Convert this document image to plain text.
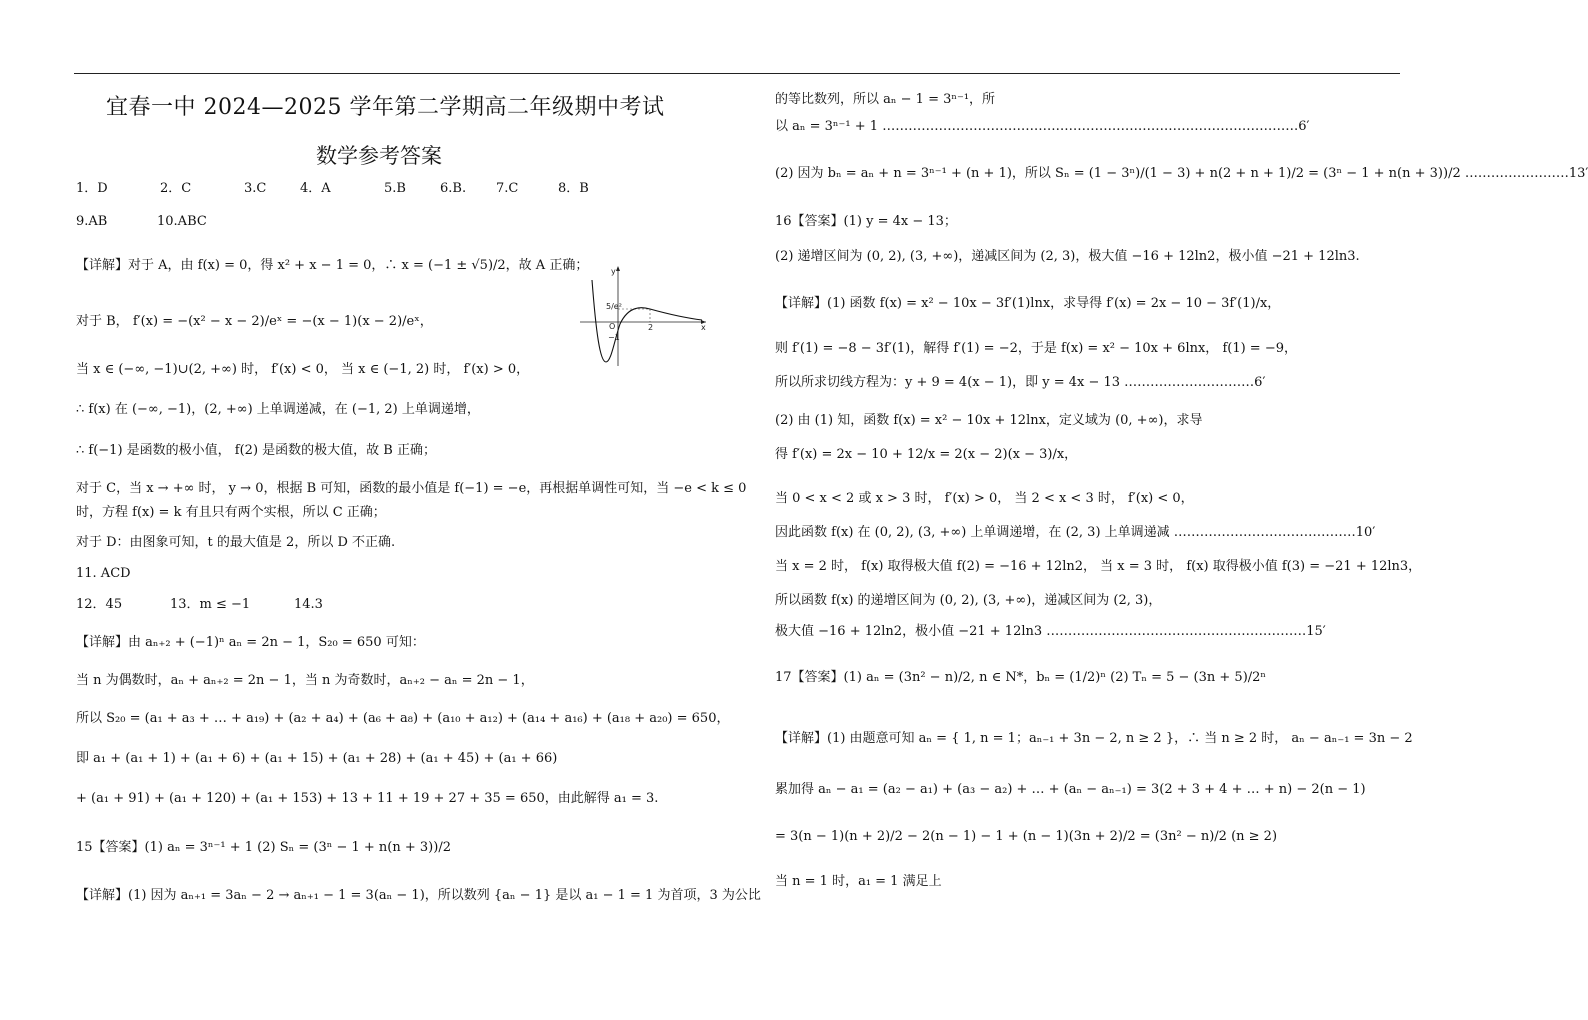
宜春一中 2024—2025 学年第二学期高二年级期中考试
数学参考答案
1．D	2．C	3.C	4．A	5.B	6.B. 7.C	8．B
9.AB	10.ABC
【详解】对于 A，由 f(x) = 0，得 x² + x − 1 = 0，∴ x = (−1 ± √5)/2，故 A 正确；
对于 B， f′(x) = −(x² − x − 2)/eˣ = −(x − 1)(x − 2)/eˣ，
当 x ∈ (−∞, −1)∪(2, +∞) 时， f′(x) < 0， 当 x ∈ (−1, 2) 时， f′(x) > 0，
∴ f(x) 在 (−∞, −1)，(2, +∞) 上单调递减，在 (−1, 2) 上单调递增，
∴ f(−1) 是函数的极小值， f(2) 是函数的极大值，故 B 正确；
对于 C，当 x → +∞ 时， y → 0，根据 B 可知，函数的最小值是 f(−1) = −e，再根据单调性可知，当 −e < k ≤ 0
时，方程 f(x) = k 有且只有两个实根，所以 C 正确；
对于 D：由图象可知，t 的最大值是 2，所以 D 不正确.
11. ACD
12．45	13．m ≤ −1	14.3
【详解】由 aₙ₊₂ + (−1)ⁿ aₙ = 2n − 1，S₂₀ = 650 可知：
当 n 为偶数时，aₙ + aₙ₊₂ = 2n − 1，当 n 为奇数时，aₙ₊₂ − aₙ = 2n − 1，
所以 S₂₀ = (a₁ + a₃ + … + a₁₉) + (a₂ + a₄) + (a₆ + a₈) + (a₁₀ + a₁₂) + (a₁₄ + a₁₆) + (a₁₈ + a₂₀) = 650，
即 a₁ + (a₁ + 1) + (a₁ + 6) + (a₁ + 15) + (a₁ + 28) + (a₁ + 45) + (a₁ + 66)
+ (a₁ + 91) + (a₁ + 120) + (a₁ + 153) + 13 + 11 + 19 + 27 + 35 = 650，由此解得 a₁ = 3.
15【答案】(1) aₙ = 3ⁿ⁻¹ + 1 (2) Sₙ = (3ⁿ − 1 + n(n + 3))/2
【详解】(1) 因为 aₙ₊₁ = 3aₙ − 2 → aₙ₊₁ − 1 = 3(aₙ − 1)，所以数列 {aₙ − 1} 是以 a₁ − 1 = 1 为首项，3 为公比
y
x
O
5/e²
−1
2
的等比数列，所以 aₙ − 1 = 3ⁿ⁻¹，所
以 aₙ = 3ⁿ⁻¹ + 1 ……………………………………………………………………………………6′
(2) 因为 bₙ = aₙ + n = 3ⁿ⁻¹ + (n + 1)，所以 Sₙ = (1 − 3ⁿ)/(1 − 3) + n(2 + n + 1)/2 = (3ⁿ − 1 + n(n + 3))/2 ……………………13′
16【答案】(1) y = 4x − 13；
(2) 递增区间为 (0, 2), (3, +∞)，递减区间为 (2, 3)，极大值 −16 + 12ln2，极小值 −21 + 12ln3.
【详解】(1) 函数 f(x) = x² − 10x − 3f′(1)lnx，求导得 f′(x) = 2x − 10 − 3f′(1)/x，
则 f′(1) = −8 − 3f′(1)，解得 f′(1) = −2，于是 f(x) = x² − 10x + 6lnx， f(1) = −9，
所以所求切线方程为：y + 9 = 4(x − 1)，即 y = 4x − 13 …………………………6′
(2) 由 (1) 知，函数 f(x) = x² − 10x + 12lnx，定义域为 (0, +∞)，求导
得 f′(x) = 2x − 10 + 12/x = 2(x − 2)(x − 3)/x，
当 0 < x < 2 或 x > 3 时， f′(x) > 0， 当 2 < x < 3 时， f′(x) < 0，
因此函数 f(x) 在 (0, 2), (3, +∞) 上单调递增，在 (2, 3) 上单调递减 ……………………………………10′
当 x = 2 时， f(x) 取得极大值 f(2) = −16 + 12ln2， 当 x = 3 时， f(x) 取得极小值 f(3) = −21 + 12ln3，
所以函数 f(x) 的递增区间为 (0, 2), (3, +∞)，递减区间为 (2, 3)，
极大值 −16 + 12ln2，极小值 −21 + 12ln3 ……………………………………………………15′
17【答案】(1) aₙ = (3n² − n)/2, n ∈ N*，bₙ = (1/2)ⁿ (2) Tₙ = 5 − (3n + 5)/2ⁿ
【详解】(1) 由题意可知 aₙ = { 1, n = 1；aₙ₋₁ + 3n − 2, n ≥ 2 }，∴ 当 n ≥ 2 时， aₙ − aₙ₋₁ = 3n − 2
累加得 aₙ − a₁ = (a₂ − a₁) + (a₃ − a₂) + … + (aₙ − aₙ₋₁) = 3(2 + 3 + 4 + … + n) − 2(n − 1)
= 3(n − 1)(n + 2)/2 − 2(n − 1) − 1 + (n − 1)(3n + 2)/2 = (3n² − n)/2 (n ≥ 2)
当 n = 1 时，a₁ = 1 满足上
